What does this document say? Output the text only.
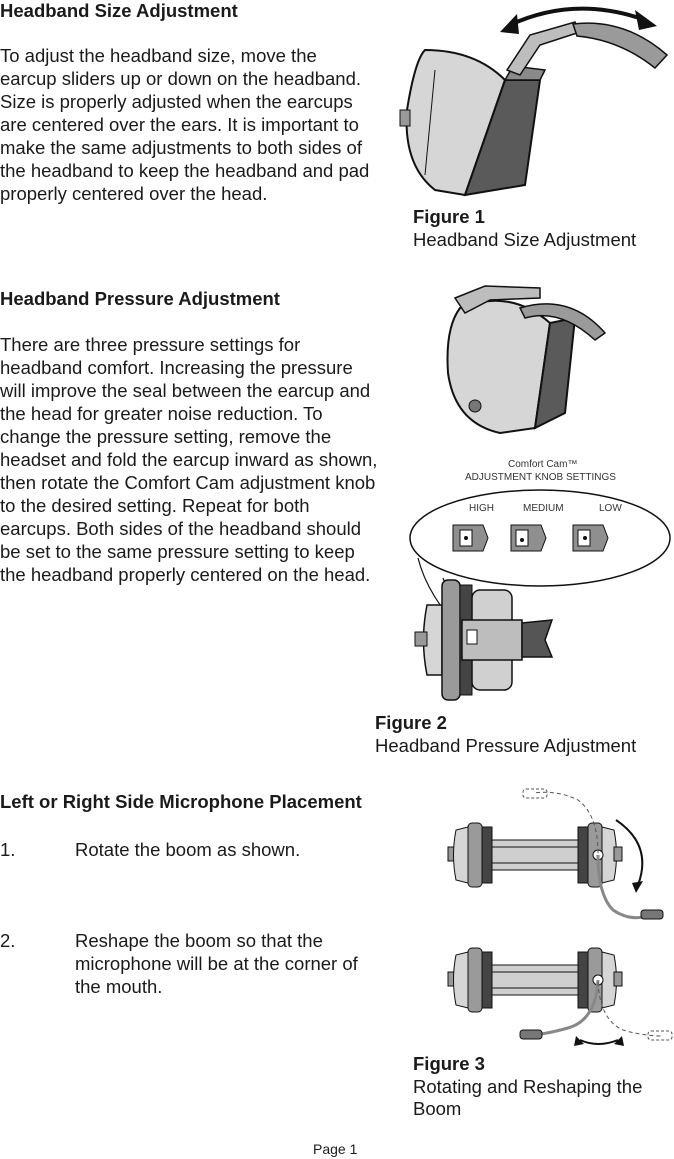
Headband Size Adjustment
To adjust the headband size, move the earcup sliders up or down on the headband. Size is properly adjusted when the earcups are centered over the ears. It is important to make the same adjustments to both sides of the headband to keep the headband and pad properly centered over the head.
Figure 1
Headband Size Adjustment
Headband Pressure Adjustment
There are three pressure settings for headband comfort. Increasing the pressure will improve the seal between the earcup and the head for greater noise reduction. To change the pressure setting, remove the headset and fold the earcup inward as shown, then rotate the Comfort Cam adjustment knob to the desired setting. Repeat for both earcups. Both sides of the headband should be set to the same pressure setting to keep the headband properly centered on the head.
Comfort Cam™
ADJUSTMENT KNOB SETTINGS
HIGH	MEDIUM	LOW
Figure 2
Headband Pressure Adjustment
Left or Right Side Microphone Placement
1.	Rotate the boom as shown.
2.	Reshape the boom so that the microphone will be at the corner of the mouth.
Figure 3
Rotating and Reshaping the Boom
Page 1
